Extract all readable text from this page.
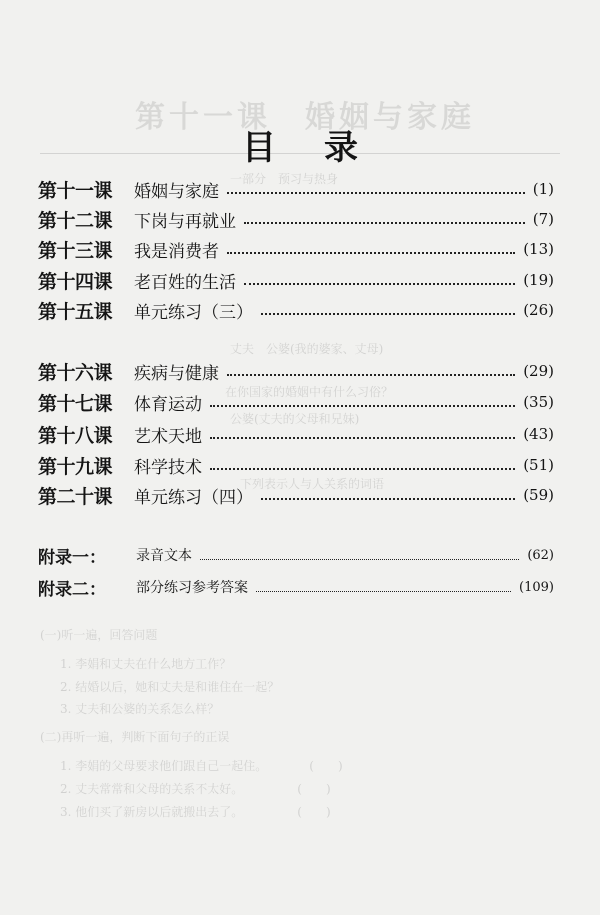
第十一课　婚姻与家庭
一部分　预习与热身
丈夫　公婆(我的婆家、丈母)
在你国家的婚姻中有什么习俗？
公婆(丈夫的父母和兄妹)
下列表示人与人关系的词语
(一)听一遍，回答问题
1. 李娟和丈夫在什么地方工作？
2. 结婚以后，她和丈夫是和谁住在一起？
3. 丈夫和公婆的关系怎么样？
(二)再听一遍，判断下面句子的正误
1. 李娟的父母要求他们跟自己一起住。　　　　(　　)
2. 丈夫常常和父母的关系不太好。　　　　　(　　)
3. 他们买了新房以后就搬出去了。　　　　　(　　)
目录
第十一课	婚姻与家庭	(1)
第十二课	下岗与再就业	(7)
第十三课	我是消费者	(13)
第十四课	老百姓的生活	(19)
第十五课	单元练习（三）	(26)
第十六课	疾病与健康	(29)
第十七课	体育运动	(35)
第十八课	艺术天地	(43)
第十九课	科学技术	(51)
第二十课	单元练习（四）	(59)
附录一：	录音文本	(62)
附录二：	部分练习参考答案	(109)
